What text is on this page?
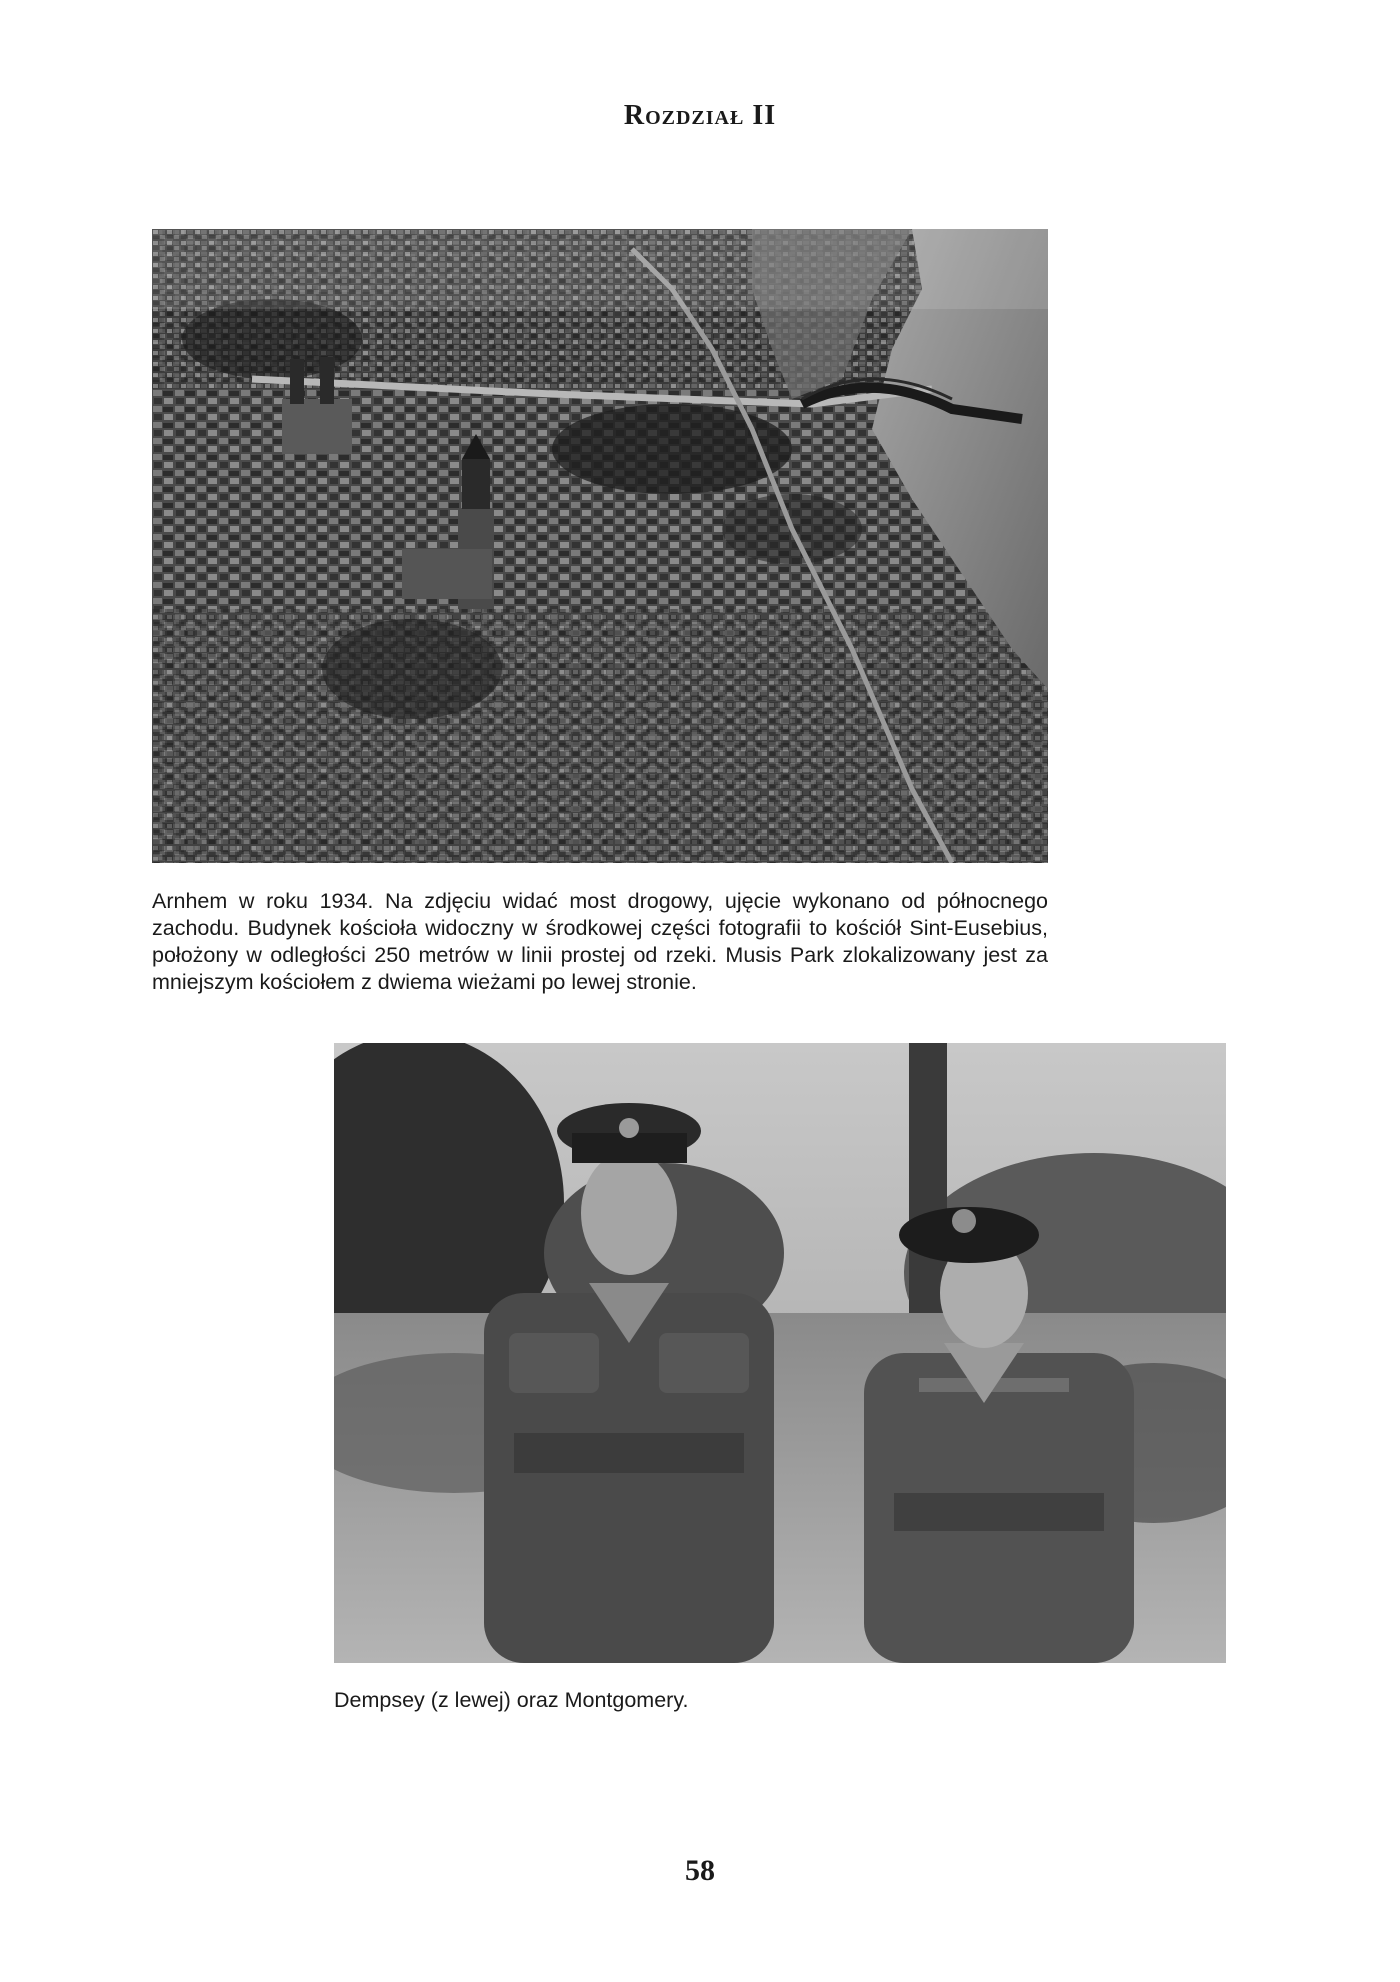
Rozdział II
Arnhem w roku 1934. Na zdjęciu widać most drogowy, ujęcie wykonano od północnego zachodu. Budynek kościoła widoczny w środkowej części fotografii to kościół Sint-Eusebius, położony w odległości 250 metrów w linii prostej od rzeki. Musis Park zlokalizowany jest za mniejszym kościołem z dwiema wieżami po lewej stronie.
Dempsey (z lewej) oraz Montgomery.
58
